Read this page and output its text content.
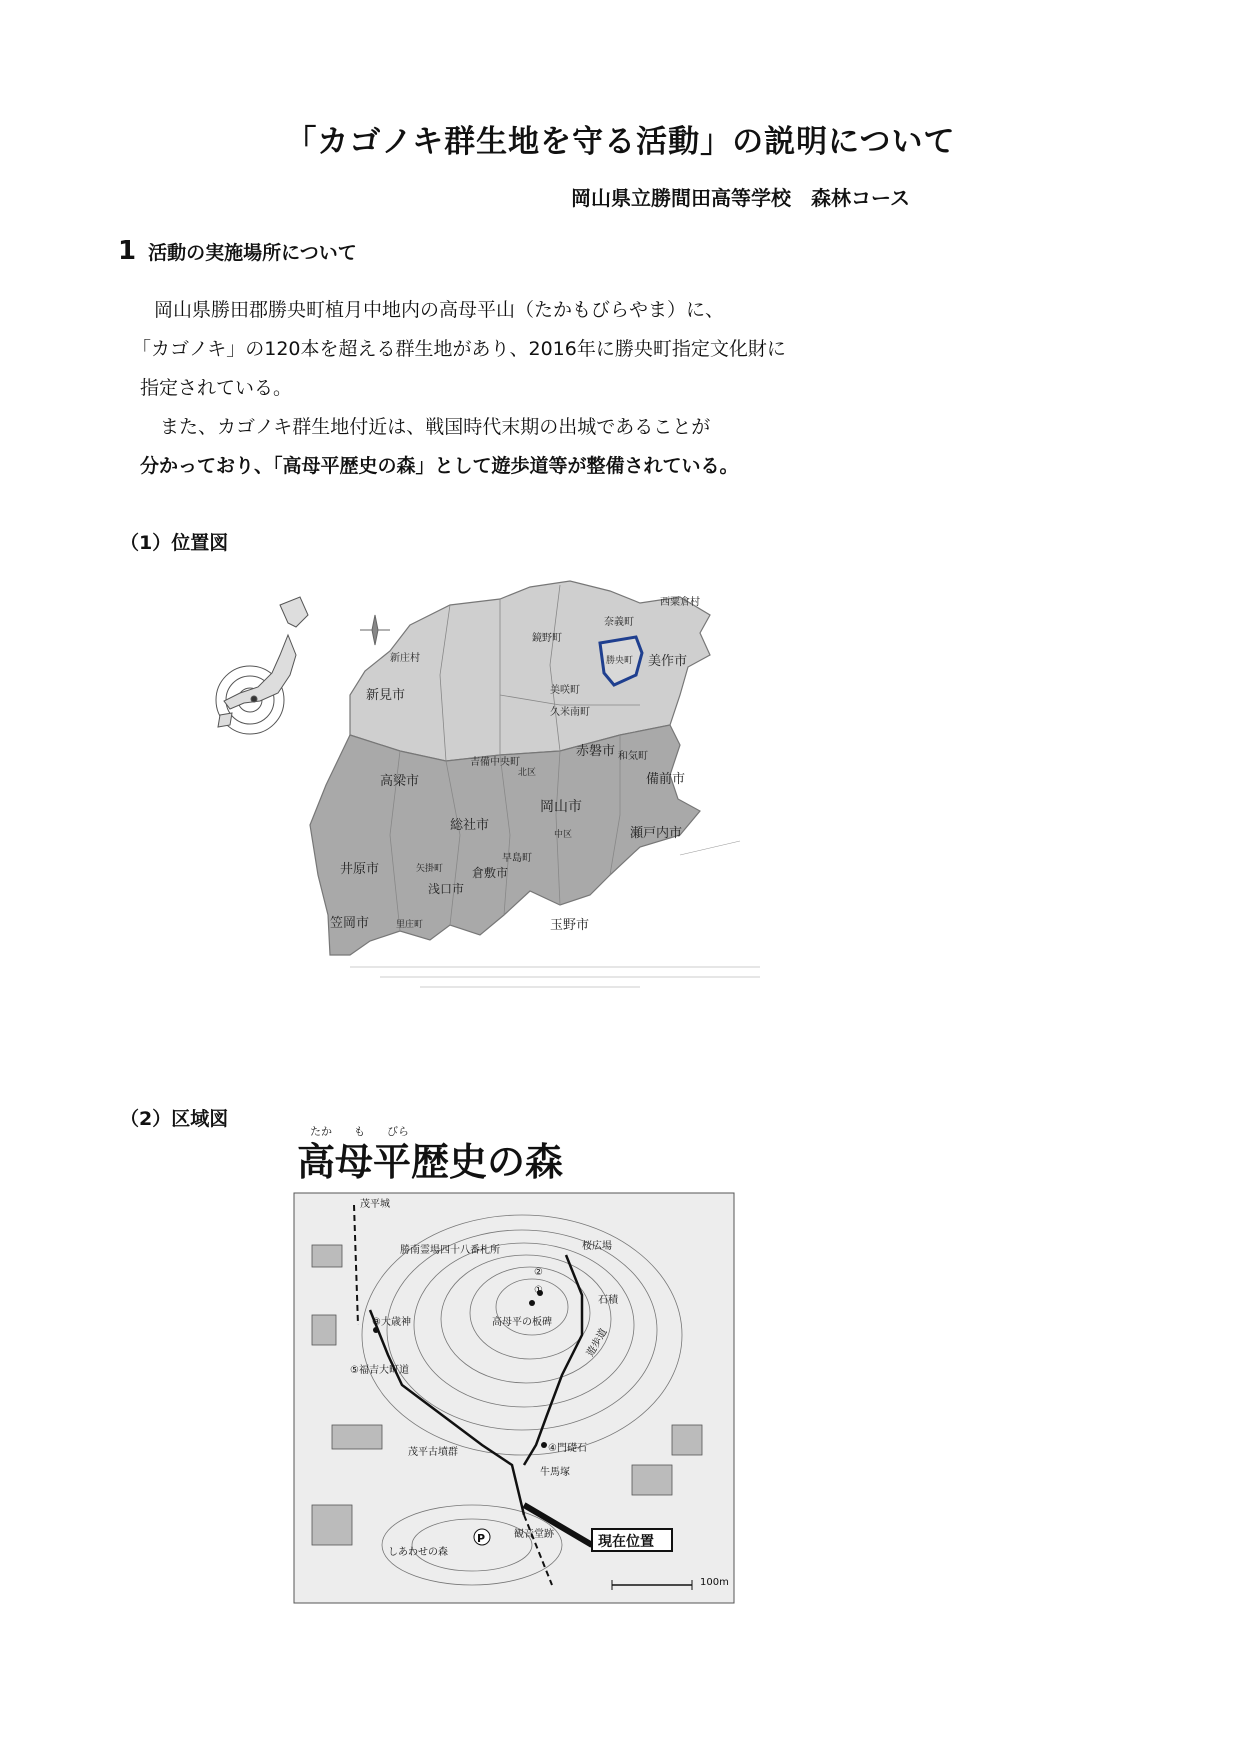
「カゴノキ群生地を守る活動」の説明について
岡山県立勝間田高等学校　森林コース
1 活動の実施場所について
岡山県勝田郡勝央町植月中地内の高母平山（たかもびらやま）に、
「カゴノキ」の120本を超える群生地があり、2016年に勝央町指定文化財に
指定されている。
また、カゴノキ群生地付近は、戦国時代末期の出城であることが
分かっており、「高母平歴史の森」として遊歩道等が整備されている。
（1）位置図
新庄村
鏡野町
奈義町
西粟倉村
勝央町 美作市
新見市	美咲町
久米南町
吉備中央町
赤磐市 和気町
備前市
高梁市
岡山市
北区
総社市
瀬戸内市
中区
井原市	矢掛町
早島町
倉敷市
浅口市
笠岡市	里庄町	玉野市
（2）区域図
たか　　も　　びら
高母平歴史の森
茂平城
勝南霊場四十八番札所	桜広場
②
①
石積
③大歳神	高母平の板碑
⑤福吉大町道
遊歩道
④門礎石
茂平古墳群
牛馬塚
しあわせの森
観音堂跡
100m
現在位置
P
